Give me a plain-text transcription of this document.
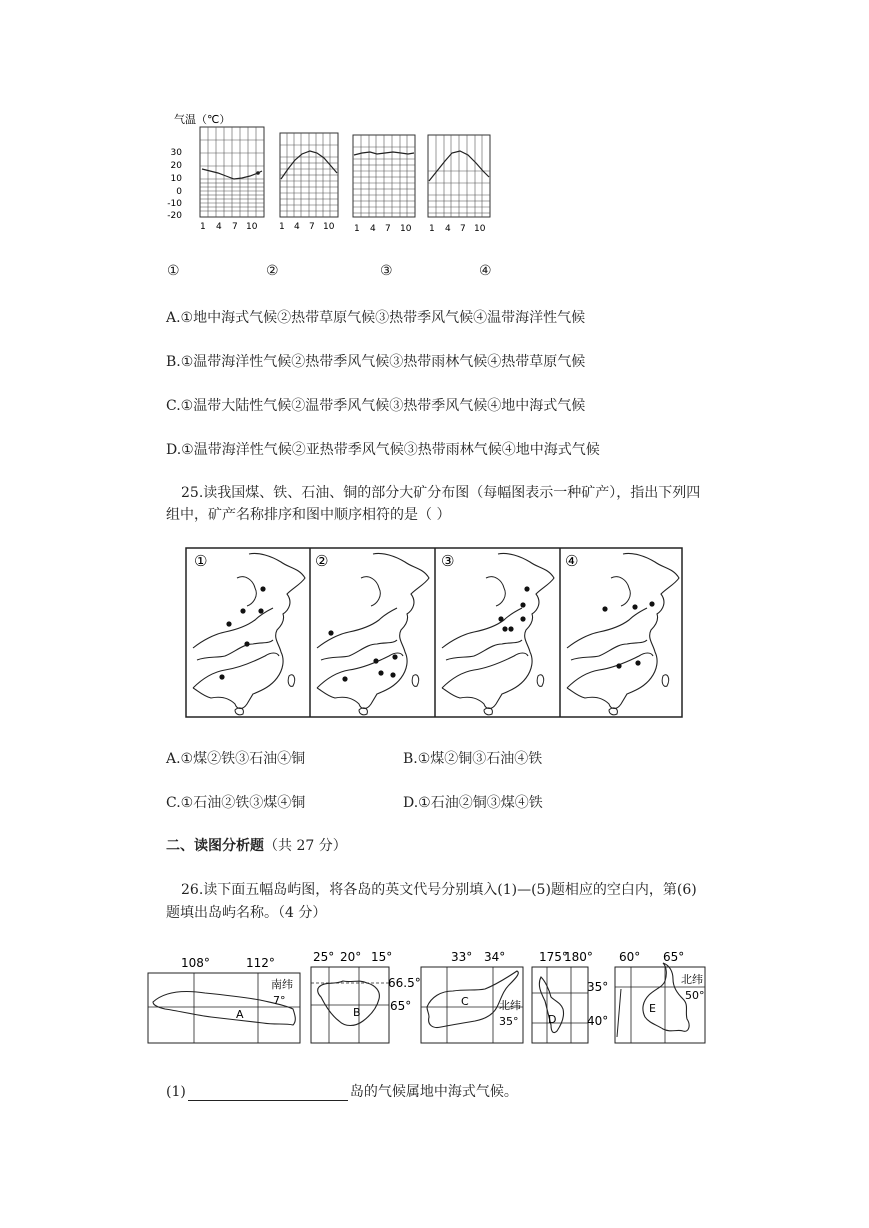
气温（℃）
30
20
10
0
-10
-20
1 4 7 10 1 4 7 10 1 4 7 10 1 4 7 10
①	②	③	④
A.①地中海式气候②热带草原气候③热带季风气候④温带海洋性气候
B.①温带海洋性气候②热带季风气候③热带雨林气候④热带草原气候
C.①温带大陆性气候②温带季风气候③热带季风气候④地中海式气候
D.①温带海洋性气候②亚热带季风气候③热带雨林气候④地中海式气候
25.读我国煤、铁、石油、铜的部分大矿分布图（每幅图表示一种矿产），指出下列四
组中，矿产名称排序和图中顺序相符的是（ ）
①	②	③	④
A.①煤②铁③石油④铜	B.①煤②铜③石油④铁
C.①石油②铁③煤④铜	D.①石油②铜③煤④铁
二、读图分析题（共 27 分）
26.读下面五幅岛屿图，将各岛的英文代号分别填入(1)—(5)题相应的空白内，第(6)
题填出岛屿名称。（4 分）
A
108°	112°
南纬
7°
B
25° 20° 15°
66.5°
65°	C
33° 34°
北纬
35°	D
175°
180°
35°
40°
E
60° 65°
北纬
50°
(1)	岛的气候属地中海式气候。
